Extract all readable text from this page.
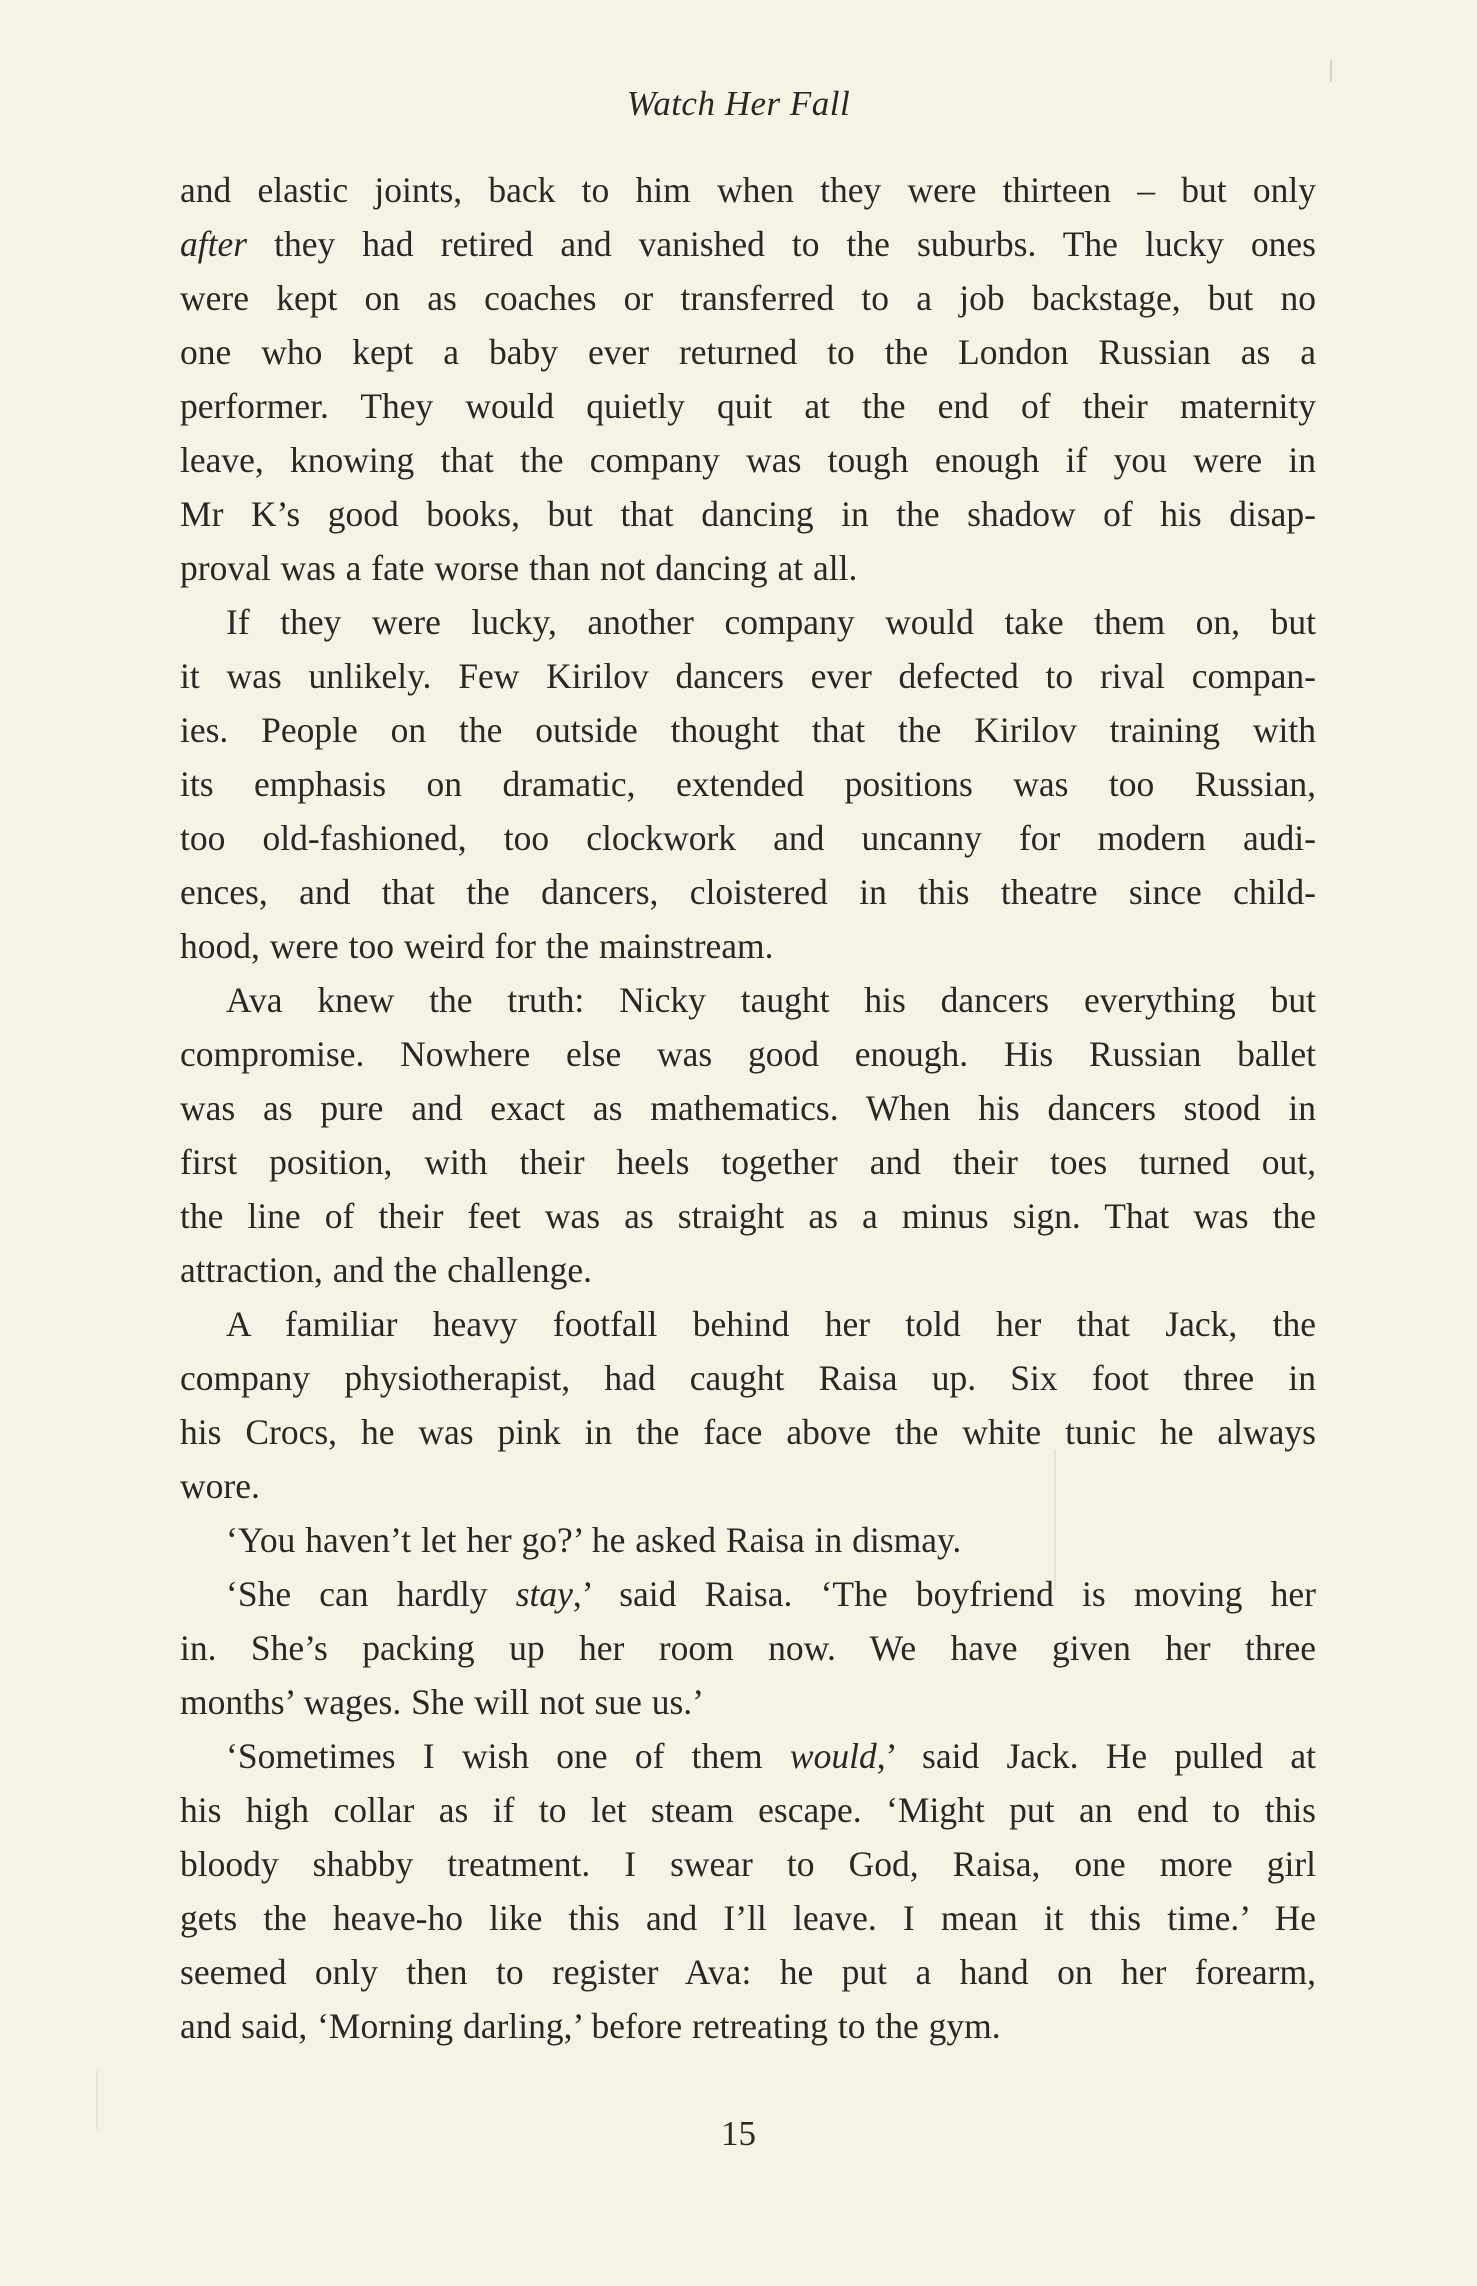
Watch Her Fall
and elastic joints, back to him when they were thirteen – but only
after they had retired and vanished to the suburbs. The lucky ones
were kept on as coaches or transferred to a job backstage, but no
one who kept a baby ever returned to the London Russian as a
performer. They would quietly quit at the end of their maternity
leave, knowing that the company was tough enough if you were in
Mr K’s good books, but that dancing in the shadow of his disap-
proval was a fate worse than not dancing at all.
If they were lucky, another company would take them on, but
it was unlikely. Few Kirilov dancers ever defected to rival compan-
ies. People on the outside thought that the Kirilov training with
its emphasis on dramatic, extended positions was too Russian,
too old-fashioned, too clockwork and uncanny for modern audi-
ences, and that the dancers, cloistered in this theatre since child-
hood, were too weird for the mainstream.
Ava knew the truth: Nicky taught his dancers everything but
compromise. Nowhere else was good enough. His Russian ballet
was as pure and exact as mathematics. When his dancers stood in
first position, with their heels together and their toes turned out,
the line of their feet was as straight as a minus sign. That was the
attraction, and the challenge.
A familiar heavy footfall behind her told her that Jack, the
company physiotherapist, had caught Raisa up. Six foot three in
his Crocs, he was pink in the face above the white tunic he always
wore.
‘You haven’t let her go?’ he asked Raisa in dismay.
‘She can hardly stay,’ said Raisa. ‘The boyfriend is moving her
in. She’s packing up her room now. We have given her three
months’ wages. She will not sue us.’
‘Sometimes I wish one of them would,’ said Jack. He pulled at
his high collar as if to let steam escape. ‘Might put an end to this
bloody shabby treatment. I swear to God, Raisa, one more girl
gets the heave-ho like this and I’ll leave. I mean it this time.’ He
seemed only then to register Ava: he put a hand on her forearm,
and said, ‘Morning darling,’ before retreating to the gym.
15
